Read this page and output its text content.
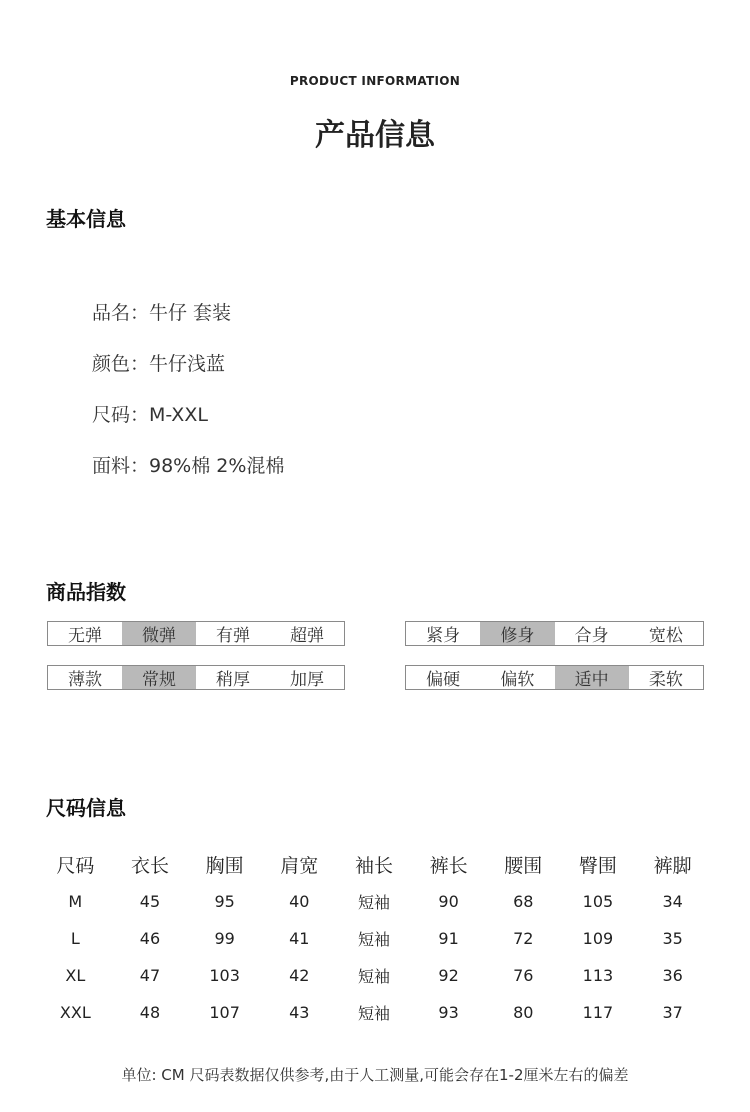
PRODUCT INFORMATION
产品信息
基本信息
品名：牛仔 套装
颜色：牛仔浅蓝
尺码：M-XXL
面料：98%棉 2%混棉
商品指数
无弹	微弹	有弹	超弹	紧身	修身	合身	宽松
薄款	常规	稍厚	加厚	偏硬	偏软	适中	柔软
尺码信息
尺码	衣长	胸围	肩宽	袖长	裤长	腰围	臀围	裤脚
M	45	95	40	短袖	90	68	105	34
L	46	99	41	短袖	91	72	109	35
XL	47	103	42	短袖	92	76	113	36
XXL	48	107	43	短袖	93	80	117	37
单位: CM 尺码表数据仅供参考,由于人工测量,可能会存在1-2厘米左右的偏差
